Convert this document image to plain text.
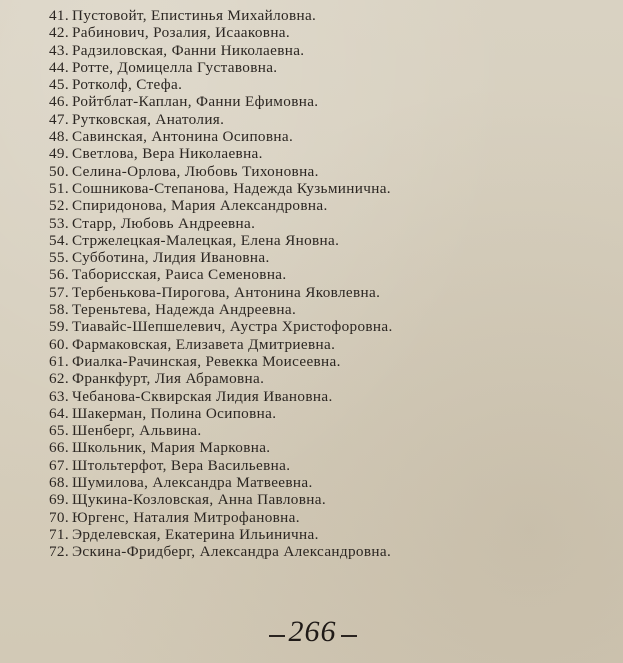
41. Пустовойт, Епистинья Михайловна.
42. Рабинович, Розалия, Исааковна.
43. Радзиловская, Фанни Николаевна.
44. Ротте, Домицелла Густавовна.
45. Ротколф, Стефа.
46. Ройтблат-Каплан, Фанни Ефимовна.
47. Рутковская, Анатолия.
48. Савинская, Антонина Осиповна.
49. Светлова, Вера Николаевна.
50. Селина-Орлова, Любовь Тихоновна.
51. Сошникова-Степанова, Надежда Кузьминична.
52. Спиридонова, Мария Александровна.
53. Старр, Любовь Андреевна.
54. Стржелецкая-Малецкая, Елена Яновна.
55. Субботина, Лидия Ивановна.
56. Таборисская, Раиса Семеновна.
57. Тербенькова-Пирогова, Антонина Яковлевна.
58. Тереньтева, Надежда Андреевна.
59. Тиавайс-Шепшелевич, Аустра Христофоровна.
60. Фармаковская, Елизавета Дмитриевна.
61. Фиалка-Рачинская, Ревекка Моисеевна.
62. Франкфурт, Лия Абрамовна.
63. Чебанова-Сквирская Лидия Ивановна.
64. Шакерман, Полина Осиповна.
65. Шенберг, Альвина.
66. Школьник, Мария Марковна.
67. Штольтерфот, Вера Васильевна.
68. Шумилова, Александра Матвеевна.
69. Щукина-Козловская, Анна Павловна.
70. Юргенс, Наталия Митрофановна.
71. Эрделевская, Екатерина Ильинична.
72. Эскина-Фридберг, Александра Александровна.
266
